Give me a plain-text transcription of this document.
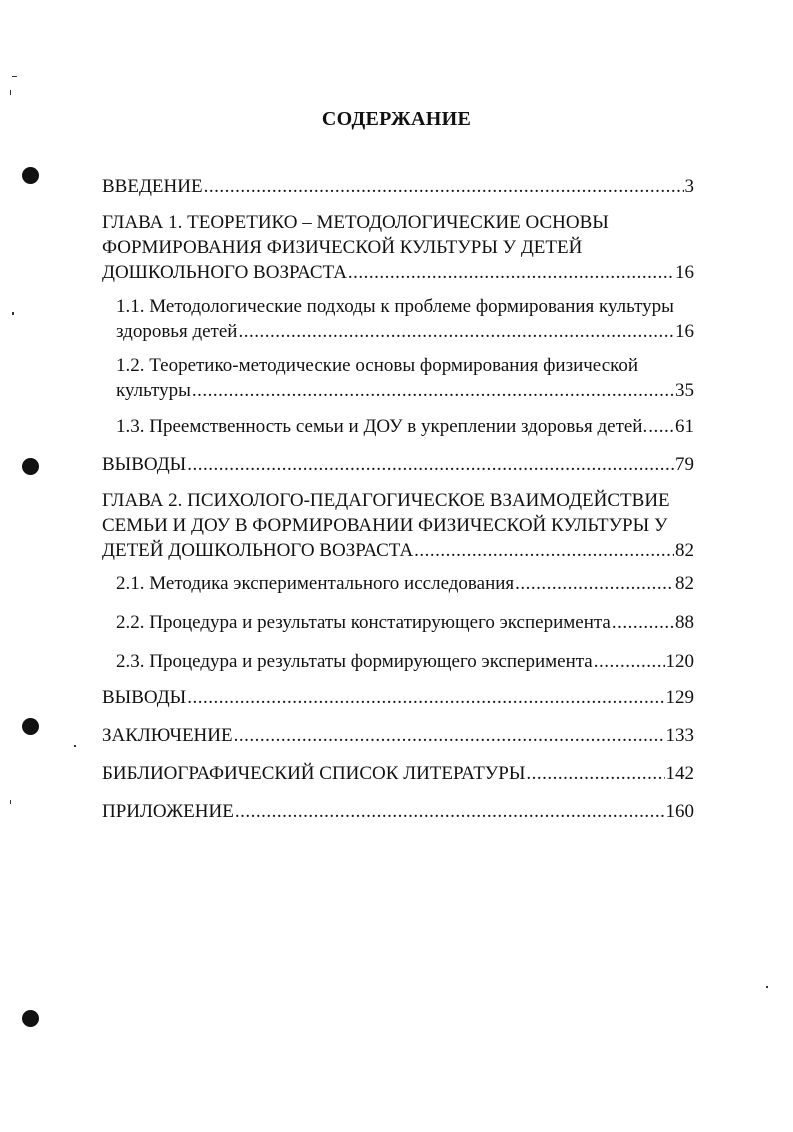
СОДЕРЖАНИЕ
ВВЕДЕНИЕ .....	3
ГЛАВА 1. ТЕОРЕТИКО – МЕТОДОЛОГИЧЕСКИЕ ОСНОВЫ
ФОРМИРОВАНИЯ ФИЗИЧЕСКОЙ КУЛЬТУРЫ У ДЕТЕЙ
ДОШКОЛЬНОГО ВОЗРАСТА .....	16
1.1. Методологические подходы к проблеме формирования культуры
здоровья детей .....	16
1.2. Теоретико-методические основы формирования физической
культуры .....	35
1.3. Преемственность семьи и ДОУ в укреплении здоровья детей. ..... 61
ВЫВОДЫ .....	79
ГЛАВА 2. ПСИХОЛОГО-ПЕДАГОГИЧЕСКОЕ ВЗАИМОДЕЙСТВИЕ
СЕМЬИ И ДОУ В ФОРМИРОВАНИИ ФИЗИЧЕСКОЙ КУЛЬТУРЫ У
ДЕТЕЙ ДОШКОЛЬНОГО ВОЗРАСТА .....	82
2.1. Методика экспериментального исследования .....	82
2.2. Процедура и результаты констатирующего эксперимента .....	88
2.3. Процедура и результаты формирующего эксперимента .....	120
ВЫВОДЫ .....	129
ЗАКЛЮЧЕНИЕ .....	133
БИБЛИОГРАФИЧЕСКИЙ СПИСОК ЛИТЕРАТУРЫ .....	142
ПРИЛОЖЕНИЕ .....	160
